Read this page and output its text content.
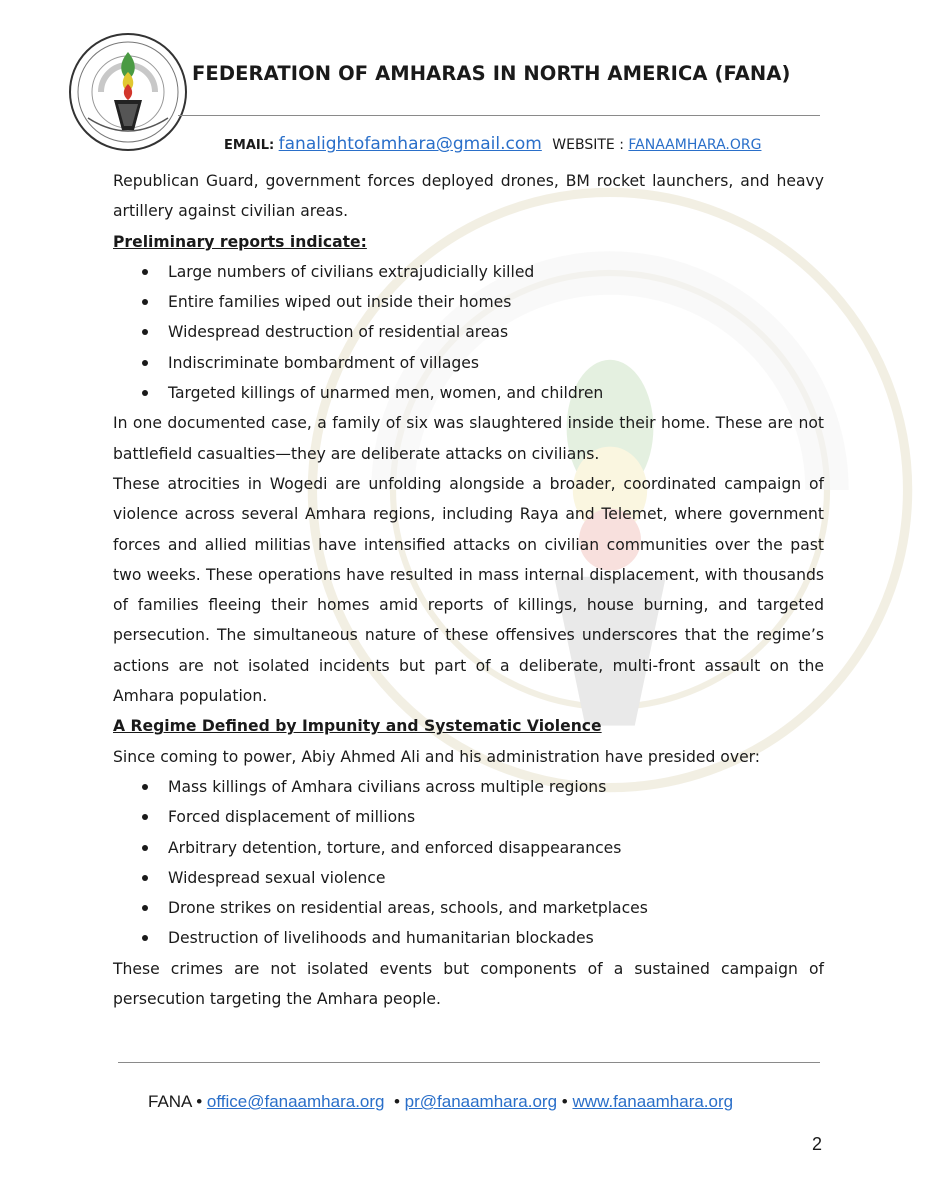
FEDERATION OF AMHARAS IN NORTH AMERICA (FANA)
EMAIL: fanalightofamhara@gmail.com WEBSITE : FANAAMHARA.ORG

Republican Guard, government forces deployed drones, BM rocket launchers, and heavy artillery against civilian areas.

Preliminary reports indicate:

Large numbers of civilians extrajudicially killed
Entire families wiped out inside their homes
Widespread destruction of residential areas
Indiscriminate bombardment of villages
Targeted killings of unarmed men, women, and children

In one documented case, a family of six was slaughtered inside their home. These are not battlefield casualties—they are deliberate attacks on civilians.

These atrocities in Wogedi are unfolding alongside a broader, coordinated campaign of violence across several Amhara regions, including Raya and Telemet, where government forces and allied militias have intensified attacks on civilian communities over the past two weeks. These operations have resulted in mass internal displacement, with thousands of families fleeing their homes amid reports of killings, house burning, and targeted persecution. The simultaneous nature of these offensives underscores that the regime’s actions are not isolated incidents but part of a deliberate, multi-front assault on the Amhara population.

A Regime Defined by Impunity and Systematic Violence

Since coming to power, Abiy Ahmed Ali and his administration have presided over:

Mass killings of Amhara civilians across multiple regions
Forced displacement of millions
Arbitrary detention, torture, and enforced disappearances
Widespread sexual violence
Drone strikes on residential areas, schools, and marketplaces
Destruction of livelihoods and humanitarian blockades

These crimes are not isolated events but components of a sustained campaign of persecution targeting the Amhara people.

FANA • office@fanaamhara.org • pr@fanaamhara.org • www.fanaamhara.org
2
